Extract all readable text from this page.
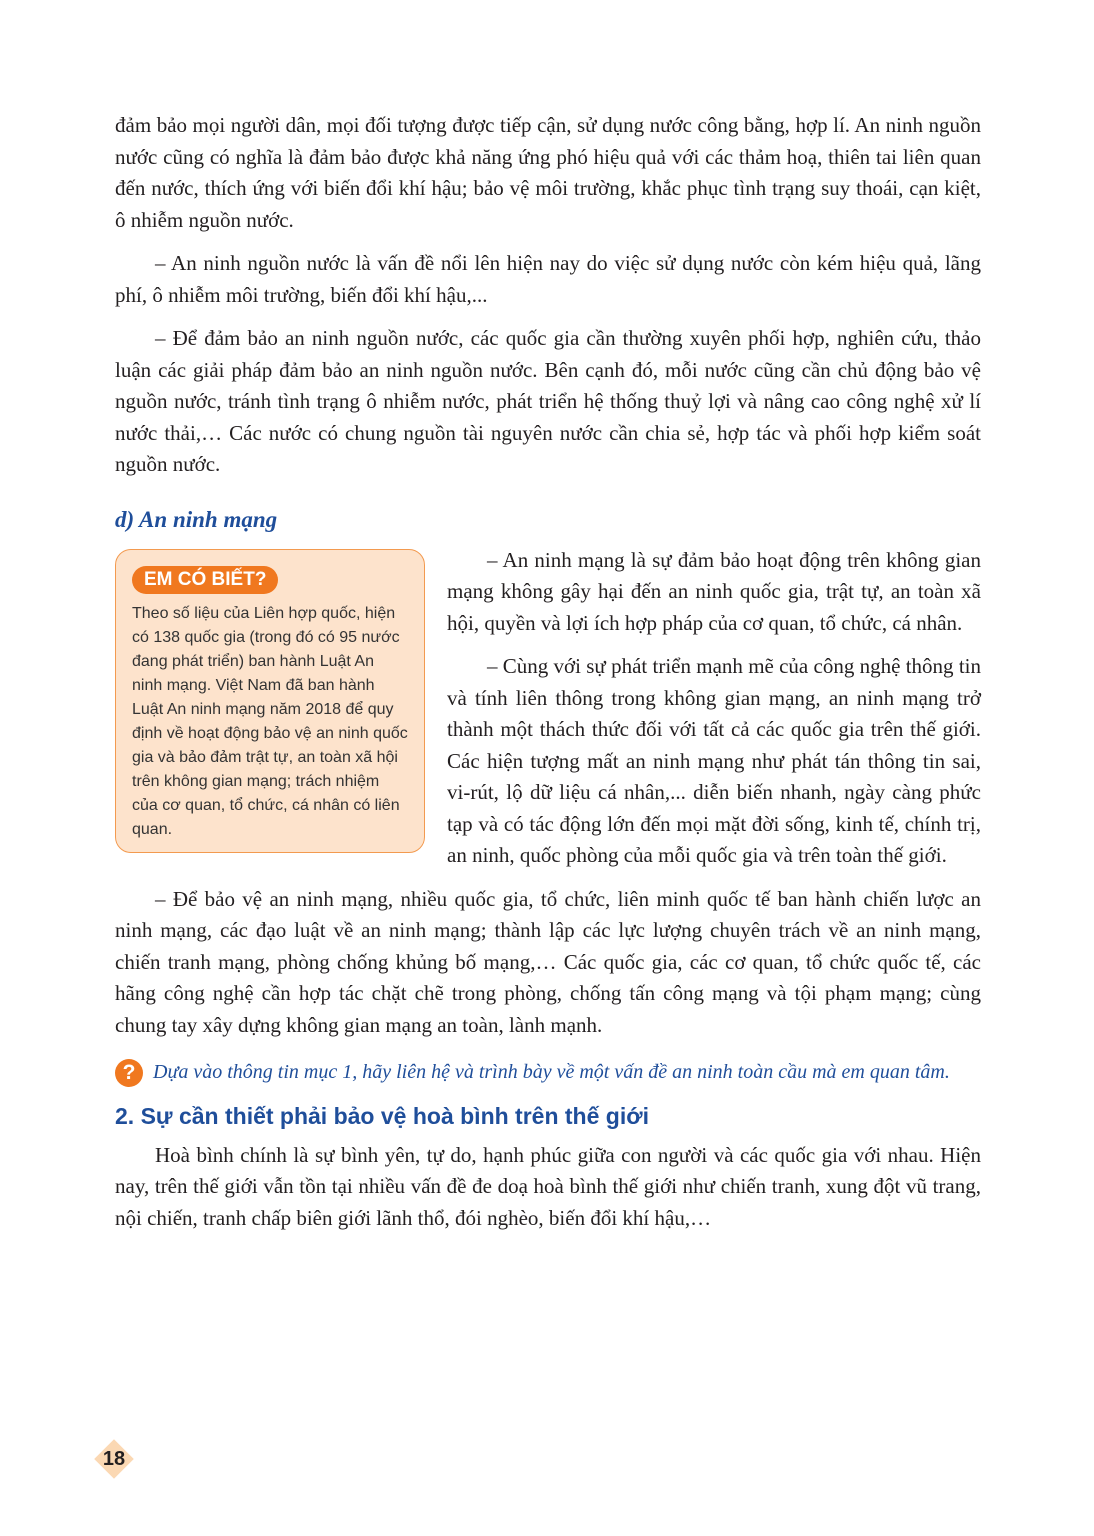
đảm bảo mọi người dân, mọi đối tượng được tiếp cận, sử dụng nước công bằng, hợp lí. An ninh nguồn nước cũng có nghĩa là đảm bảo được khả năng ứng phó hiệu quả với các thảm hoạ, thiên tai liên quan đến nước, thích ứng với biến đổi khí hậu; bảo vệ môi trường, khắc phục tình trạng suy thoái, cạn kiệt, ô nhiễm nguồn nước.

– An ninh nguồn nước là vấn đề nổi lên hiện nay do việc sử dụng nước còn kém hiệu quả, lãng phí, ô nhiễm môi trường, biến đổi khí hậu,...

– Để đảm bảo an ninh nguồn nước, các quốc gia cần thường xuyên phối hợp, nghiên cứu, thảo luận các giải pháp đảm bảo an ninh nguồn nước. Bên cạnh đó, mỗi nước cũng cần chủ động bảo vệ nguồn nước, tránh tình trạng ô nhiễm nước, phát triển hệ thống thuỷ lợi và nâng cao công nghệ xử lí nước thải,… Các nước có chung nguồn tài nguyên nước cần chia sẻ, hợp tác và phối hợp kiểm soát nguồn nước.

d) An ninh mạng
EM CÓ BIẾT?

Theo số liệu của Liên hợp quốc, hiện có 138 quốc gia (trong đó có 95 nước đang phát triển) ban hành Luật An ninh mạng. Việt Nam đã ban hành Luật An ninh mạng năm 2018 để quy định về hoạt động bảo vệ an ninh quốc gia và bảo đảm trật tự, an toàn xã hội trên không gian mạng; trách nhiệm của cơ quan, tổ chức, cá nhân có liên quan.

– An ninh mạng là sự đảm bảo hoạt động trên không gian mạng không gây hại đến an ninh quốc gia, trật tự, an toàn xã hội, quyền và lợi ích hợp pháp của cơ quan, tổ chức, cá nhân.

– Cùng với sự phát triển mạnh mẽ của công nghệ thông tin và tính liên thông trong không gian mạng, an ninh mạng trở thành một thách thức đối với tất cả các quốc gia trên thế giới. Các hiện tượng mất an ninh mạng như phát tán thông tin sai, vi-rút, lộ dữ liệu cá nhân,... diễn biến nhanh, ngày càng phức tạp và có tác động lớn đến mọi mặt đời sống, kinh tế, chính trị, an ninh, quốc phòng của mỗi quốc gia và trên toàn thế giới.

– Để bảo vệ an ninh mạng, nhiều quốc gia, tổ chức, liên minh quốc tế ban hành chiến lược an ninh mạng, các đạo luật về an ninh mạng; thành lập các lực lượng chuyên trách về an ninh mạng, chiến tranh mạng, phòng chống khủng bố mạng,… Các quốc gia, các cơ quan, tổ chức quốc tế, các hãng công nghệ cần hợp tác chặt chẽ trong phòng, chống tấn công mạng và tội phạm mạng; cùng chung tay xây dựng không gian mạng an toàn, lành mạnh.

? Dựa vào thông tin mục 1, hãy liên hệ và trình bày về một vấn đề an ninh toàn cầu mà em quan tâm.

2. Sự cần thiết phải bảo vệ hoà bình trên thế giới

Hoà bình chính là sự bình yên, tự do, hạnh phúc giữa con người và các quốc gia với nhau. Hiện nay, trên thế giới vẫn tồn tại nhiều vấn đề đe doạ hoà bình thế giới như chiến tranh, xung đột vũ trang, nội chiến, tranh chấp biên giới lãnh thổ, đói nghèo, biến đổi khí hậu,…

18
